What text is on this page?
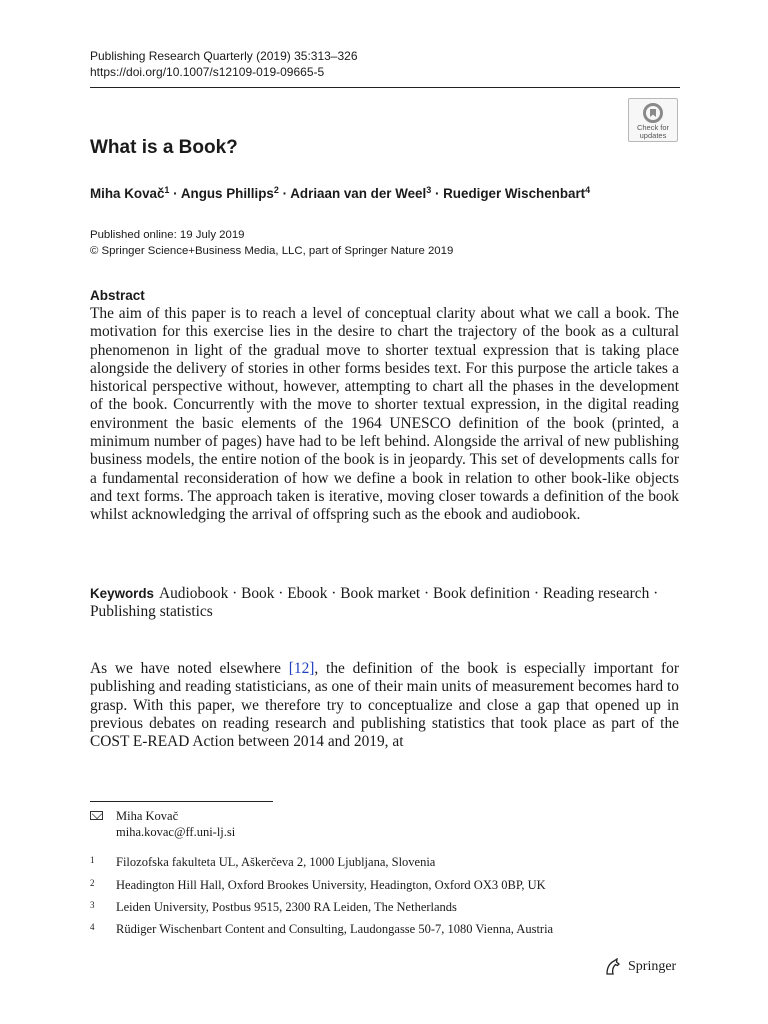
Publishing Research Quarterly (2019) 35:313–326
https://doi.org/10.1007/s12109-019-09665-5
Check for
updates
What is a Book?
Miha Kovač$^1$ · Angus Phillips$^2$ · Adriaan van der Weel$^3$ · Ruediger Wischenbart$^4$
Published online: 19 July 2019
© Springer Science+Business Media, LLC, part of Springer Nature 2019
Abstract

The aim of this paper is to reach a level of conceptual clarity about what we call a book. The motivation for this exercise lies in the desire to chart the trajectory of the book as a cultural phenomenon in light of the gradual move to shorter textual expression that is taking place alongside the delivery of stories in other forms besides text. For this purpose the article takes a historical perspective without, however, attempting to chart all the phases in the development of the book. Concurrently with the move to shorter textual expression, in the digital reading environment the basic elements of the 1964 UNESCO definition of the book (printed, a minimum number of pages) have had to be left behind. Alongside the arrival of new publishing business models, the entire notion of the book is in jeopardy. This set of developments calls for a fundamental reconsideration of how we define a book in relation to other book-like objects and text forms. The approach taken is iterative, moving closer towards a definition of the book whilst acknowledging the arrival of offspring such as the ebook and audiobook.

Keywords Audiobook · Book · Ebook · Book market · Book definition · Reading research · Publishing statistics

As we have noted elsewhere [12], the definition of the book is especially important for publishing and reading statisticians, as one of their main units of measurement becomes hard to grasp. With this paper, we therefore try to conceptualize and close a gap that opened up in previous debates on reading research and publishing statistics that took place as part of the COST E-READ Action between 2014 and 2019, at

Miha Kovač
miha.kovac@ff.uni-lj.si
1 Filozofska fakulteta UL, Aškerčeva 2, 1000 Ljubljana, Slovenia
2 Headington Hill Hall, Oxford Brookes University, Headington, Oxford OX3 0BP, UK
3 Leiden University, Postbus 9515, 2300 RA Leiden, The Netherlands
4 Rüdiger Wischenbart Content and Consulting, Laudongasse 50-7, 1080 Vienna, Austria
Springer
